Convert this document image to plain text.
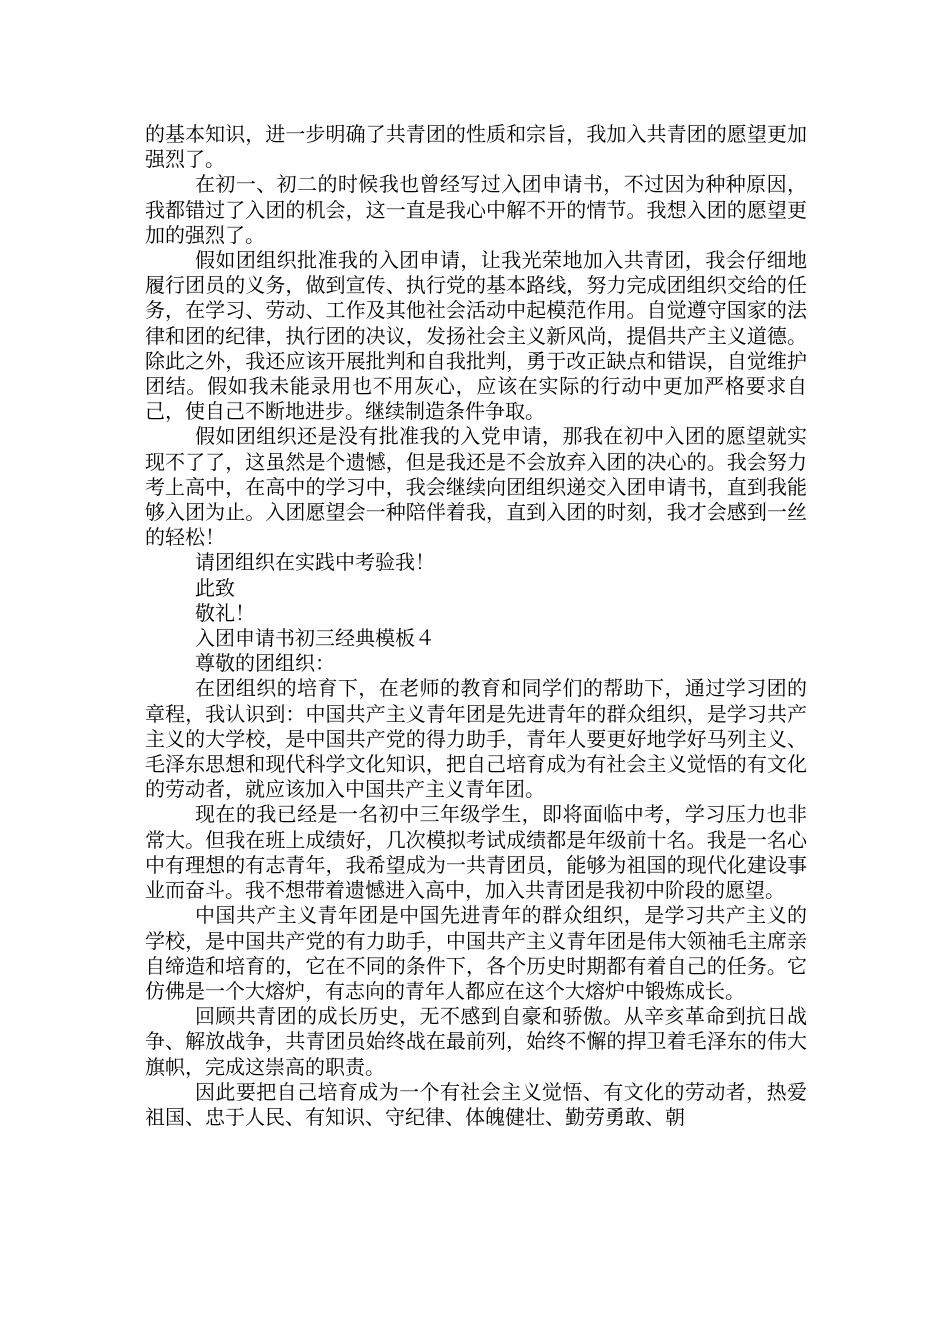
的基本知识，进一步明确了共青团的性质和宗旨，我加入共青团的愿望更加强烈了。

在初一、初二的时候我也曾经写过入团申请书，不过因为种种原因，我都错过了入团的机会，这一直是我心中解不开的情节。我想入团的愿望更加的强烈了。

假如团组织批准我的入团申请，让我光荣地加入共青团，我会仔细地履行团员的义务，做到宣传、执行党的基本路线，努力完成团组织交给的任务，在学习、劳动、工作及其他社会活动中起模范作用。自觉遵守国家的法律和团的纪律，执行团的决议，发扬社会主义新风尚，提倡共产主义道德。除此之外，我还应该开展批判和自我批判，勇于改正缺点和错误，自觉维护团结。假如我未能录用也不用灰心，应该在实际的行动中更加严格要求自己，使自己不断地进步。继续制造条件争取。

假如团组织还是没有批准我的入党申请，那我在初中入团的愿望就实现不了了，这虽然是个遗憾，但是我还是不会放弃入团的决心的。我会努力考上高中，在高中的学习中，我会继续向团组织递交入团申请书，直到我能够入团为止。入团愿望会一种陪伴着我，直到入团的时刻，我才会感到一丝的轻松！

请团组织在实践中考验我！

此致

敬礼！

入团申请书初三经典模板４

尊敬的团组织：

在团组织的培育下，在老师的教育和同学们的帮助下，通过学习团的章程，我认识到：中国共产主义青年团是先进青年的群众组织，是学习共产主义的大学校，是中国共产党的得力助手，青年人要更好地学好马列主义、毛泽东思想和现代科学文化知识，把自己培育成为有社会主义觉悟的有文化的劳动者，就应该加入中国共产主义青年团。

现在的我已经是一名初中三年级学生，即将面临中考，学习压力也非常大。但我在班上成绩好，几次模拟考试成绩都是年级前十名。我是一名心中有理想的有志青年，我希望成为一共青团员，能够为祖国的现代化建设事业而奋斗。我不想带着遗憾进入高中，加入共青团是我初中阶段的愿望。

中国共产主义青年团是中国先进青年的群众组织，是学习共产主义的学校，是中国共产党的有力助手，中国共产主义青年团是伟大领袖毛主席亲自缔造和培育的，它在不同的条件下，各个历史时期都有着自己的任务。它仿佛是一个大熔炉，有志向的青年人都应在这个大熔炉中锻炼成长。

回顾共青团的成长历史，无不感到自豪和骄傲。从辛亥革命到抗日战争、解放战争，共青团员始终战在最前列，始终不懈的捍卫着毛泽东的伟大旗帜，完成这崇高的职责。

因此要把自己培育成为一个有社会主义觉悟、有文化的劳动者，热爱祖国、忠于人民、有知识、守纪律、体魄健壮、勤劳勇敢、朝
